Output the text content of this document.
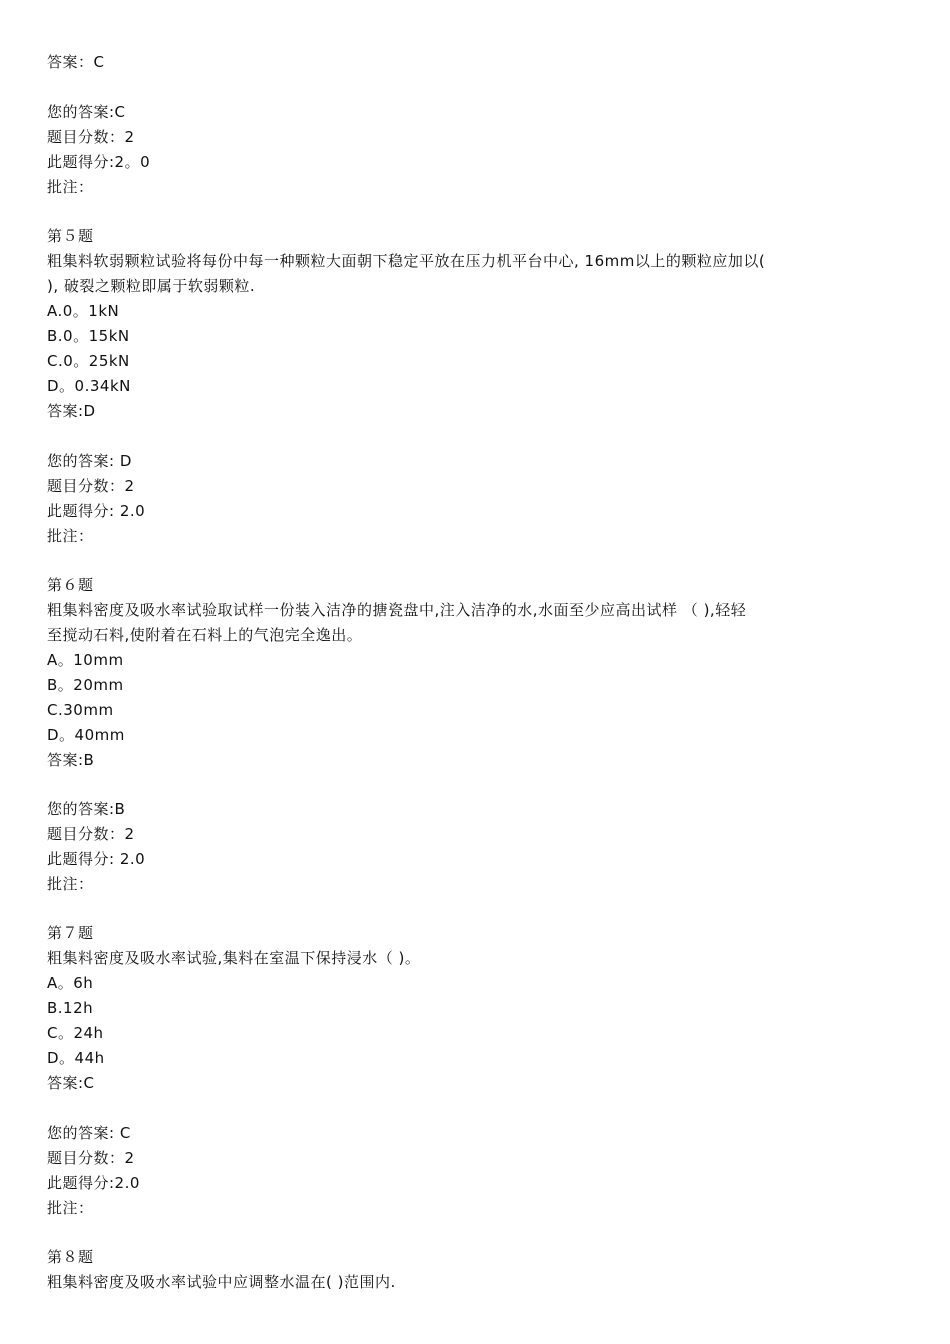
答案：C
您的答案:C
题目分数：2
此题得分:2。0
批注：
第５题
粗集料软弱颗粒试验将每份中每一种颗粒大面朝下稳定平放在压力机平台中心, 16mm以上的颗粒应加以(
), 破裂之颗粒即属于软弱颗粒.
A.0。1kN
B.0。15kN
C.0。25kN
D。0.34kN
答案:D
您的答案: D
题目分数：2
此题得分: 2.0
批注：
第６题
粗集料密度及吸水率试验取试样一份装入洁净的搪瓷盘中,注入洁净的水,水面至少应高出试样 （ ),轻轻
至搅动石料,使附着在石料上的气泡完全逸出。
A。10mm
B。20mm
C.30mm
D。40mm
答案:B
您的答案:B
题目分数：2
此题得分: 2.0
批注：
第７题
粗集料密度及吸水率试验,集料在室温下保持浸水（ )。
A。6h
B.12h
C。24h
D。44h
答案:C
您的答案: C
题目分数：2
此题得分:2.0
批注：
第８题
粗集料密度及吸水率试验中应调整水温在( )范围内.
